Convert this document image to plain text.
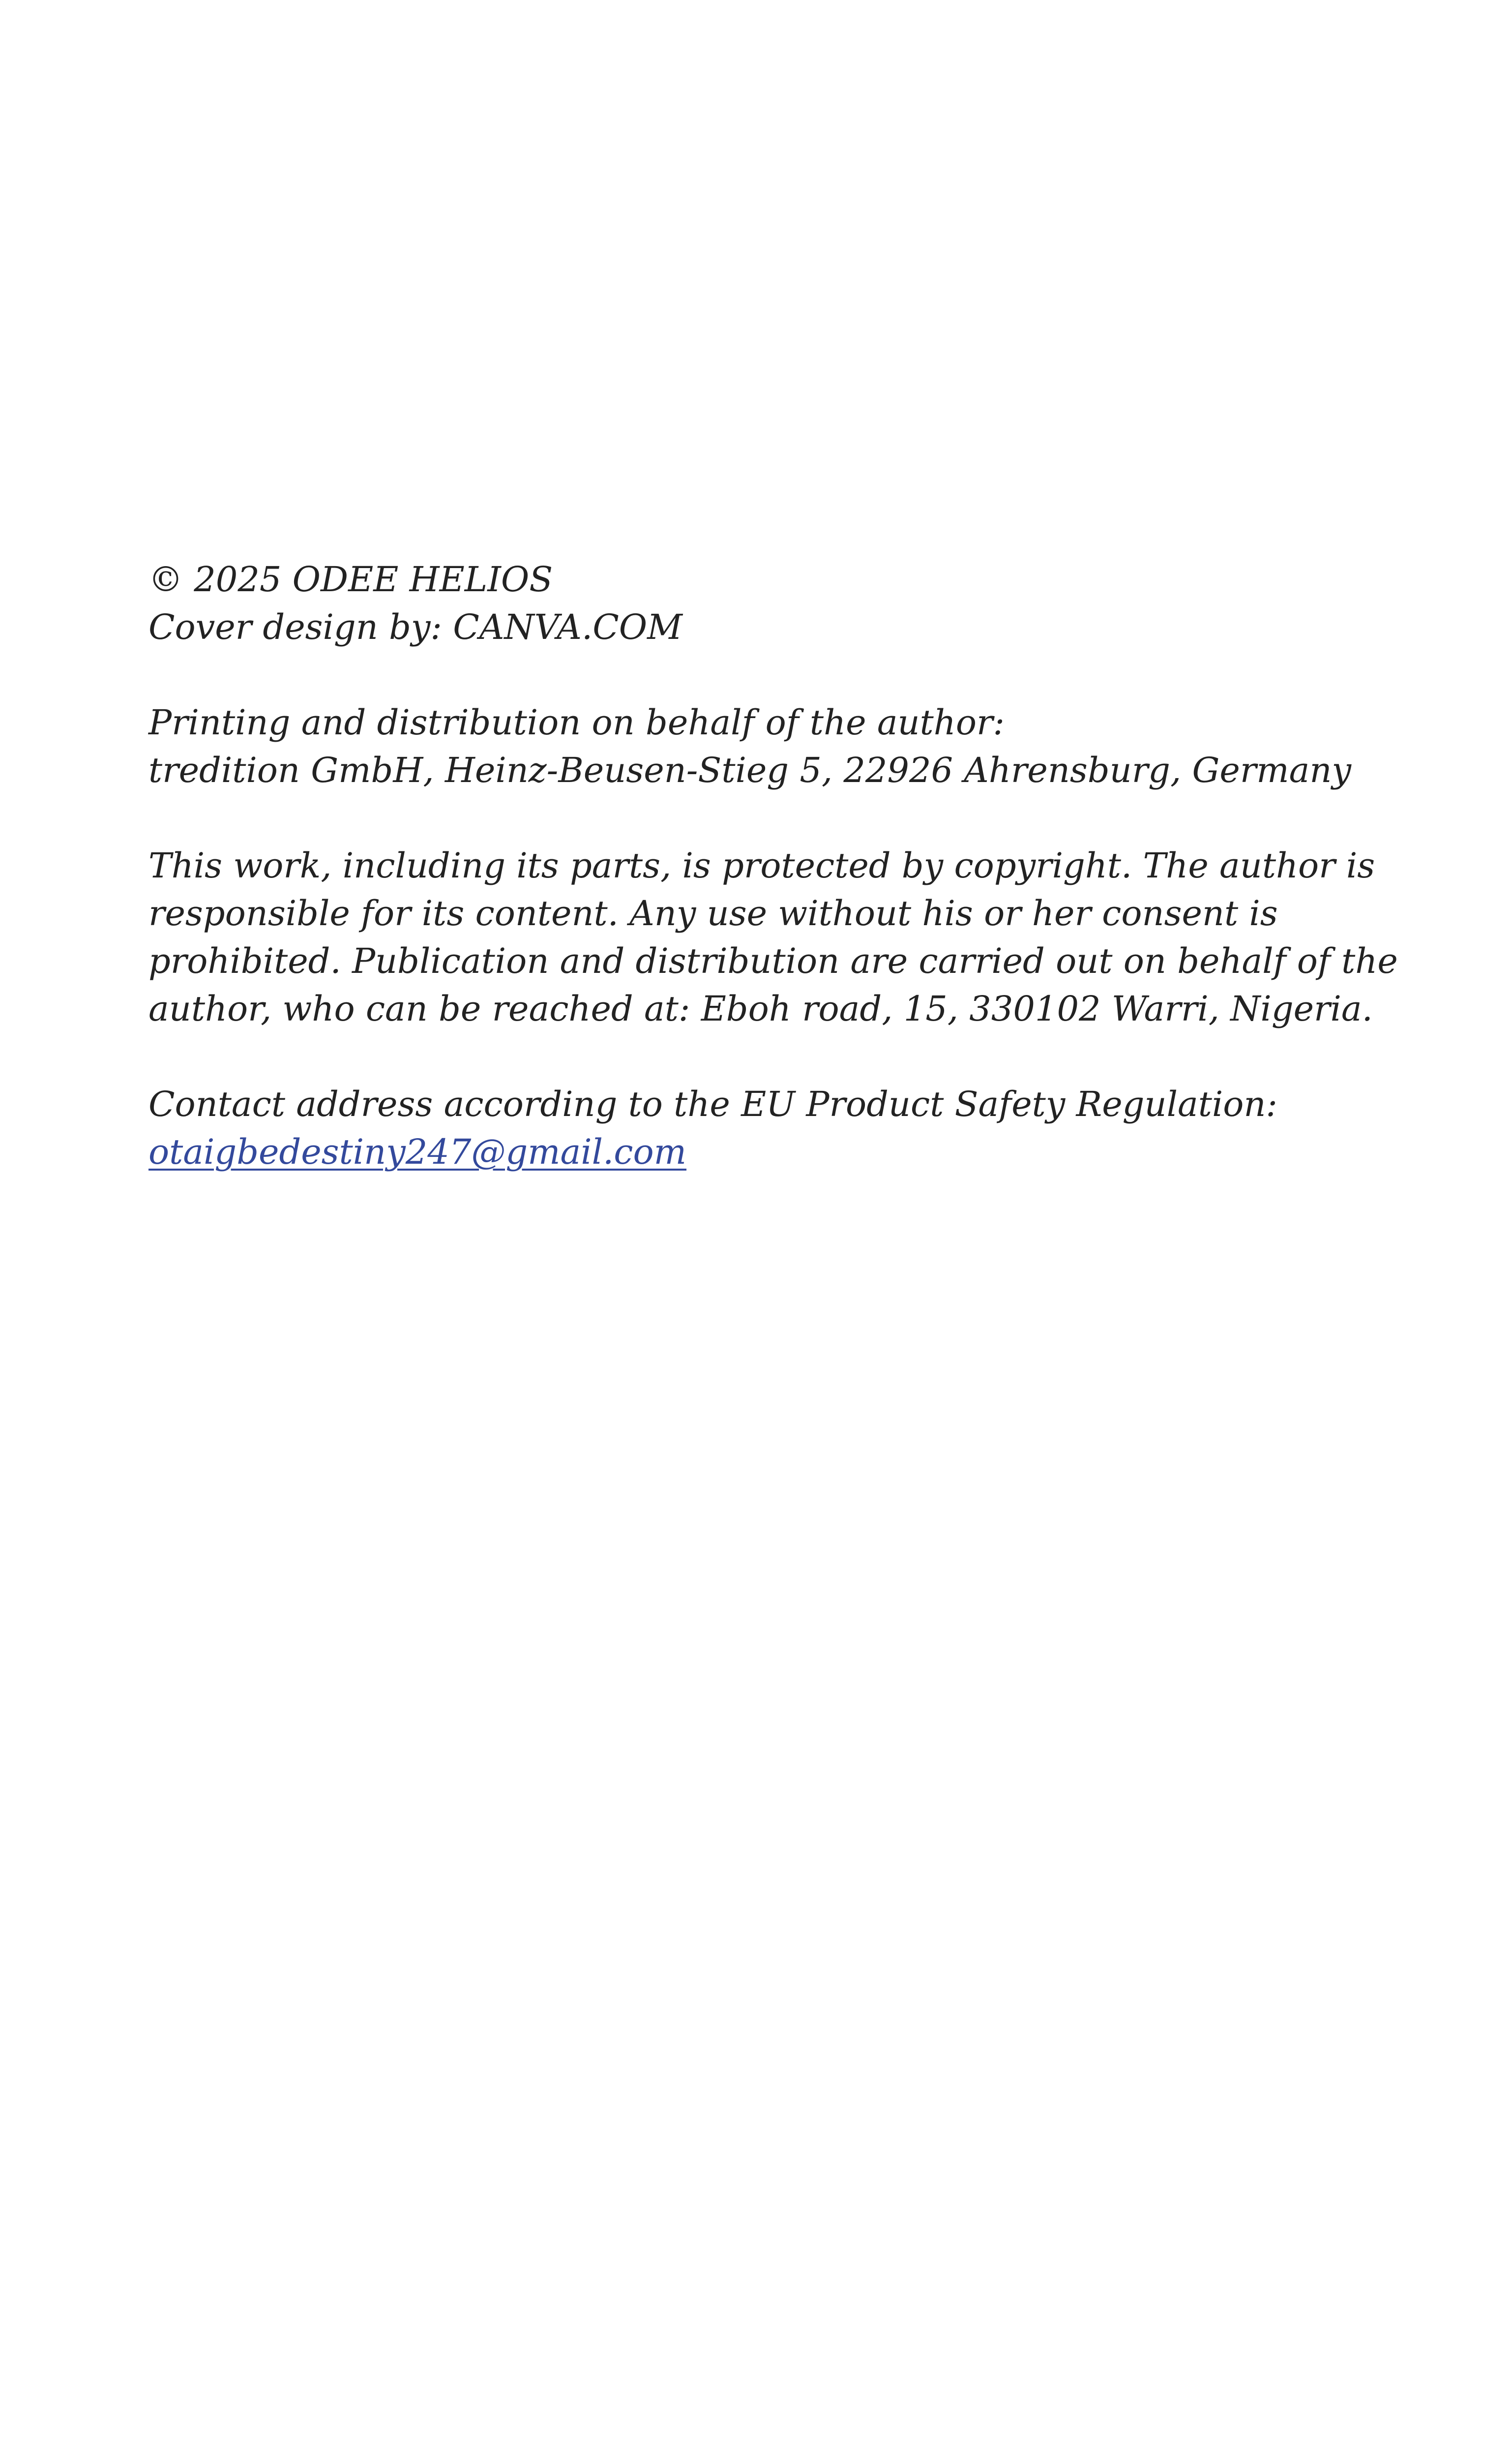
© 2025 ODEE HELIOS

Cover design by: CANVA.COM

Printing and distribution on behalf of the author:

tredition GmbH, Heinz-Beusen-Stieg 5, 22926 Ahrensburg, Germany

This work, including its parts, is protected by copyright. The author is

responsible for its content. Any use without his or her consent is

prohibited. Publication and distribution are carried out on behalf of the

author, who can be reached at: Eboh road, 15, 330102 Warri, Nigeria.

Contact address according to the EU Product Safety Regulation:

otaigbedestiny247@gmail.com
